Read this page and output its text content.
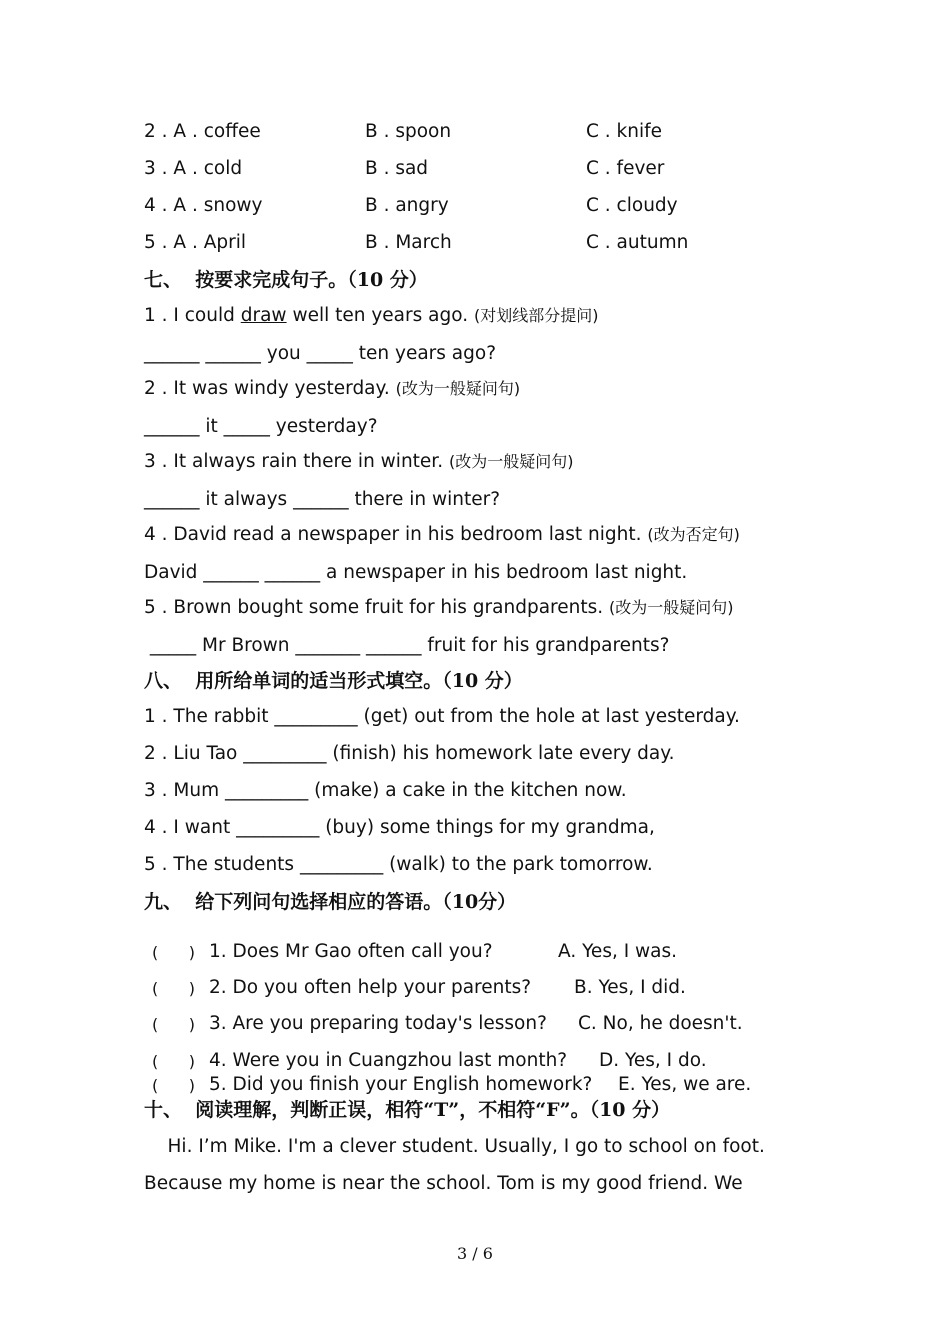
2 . A . coffee	B . spoon	C . knife
3 . A . cold	B . sad	C . fever
4 . A . snowy	B . angry	C . cloudy
5 . A . April	B . March	C . autumn
七、  按要求完成句子。（10 分）
1 . I could draw well ten years ago. (对划线部分提问)
______ ______ you _____ ten years ago?
2 . It was windy yesterday. (改为一般疑问句)
______ it _____ yesterday?
3 . It always rain there in winter. (改为一般疑问句)
______ it always ______ there in winter?
4 . David read a newspaper in his bedroom last night. (改为否定句)
David ______ ______ a newspaper in his bedroom last night.
5 . Brown bought some fruit for his grandparents. (改为一般疑问句)
_____ Mr Brown _______ ______ fruit for his grandparents?
八、  用所给单词的适当形式填空。（10 分）
1 . The rabbit _________ (get) out from the hole at last yesterday.
2 . Liu Tao _________ (finish) his homework late every day.
3 . Mum _________ (make) a cake in the kitchen now.
4 . I want _________ (buy) some things for my grandma,
5 . The students _________ (walk) to the park tomorrow.
九、  给下列问句选择相应的答语。（10分）
(      ) 1. Does Mr Gao often call you?	A. Yes, I was.
(      ) 2. Do you often help your parents? B. Yes, I did.
(      ) 3. Are you preparing today's lesson? C. No, he doesn't.
(      ) 4. Were you in Cuangzhou last month? D. Yes, I do.
(      ) 5. Did you finish your English homework? E. Yes, we are.
十、  阅读理解，判断正误，相符“T”，不相符“F”。（10 分）
Hi. I’m Mike. I'm a clever student. Usually, I go to school on foot.
Because my home is near the school. Tom is my good friend. We
3 / 6
